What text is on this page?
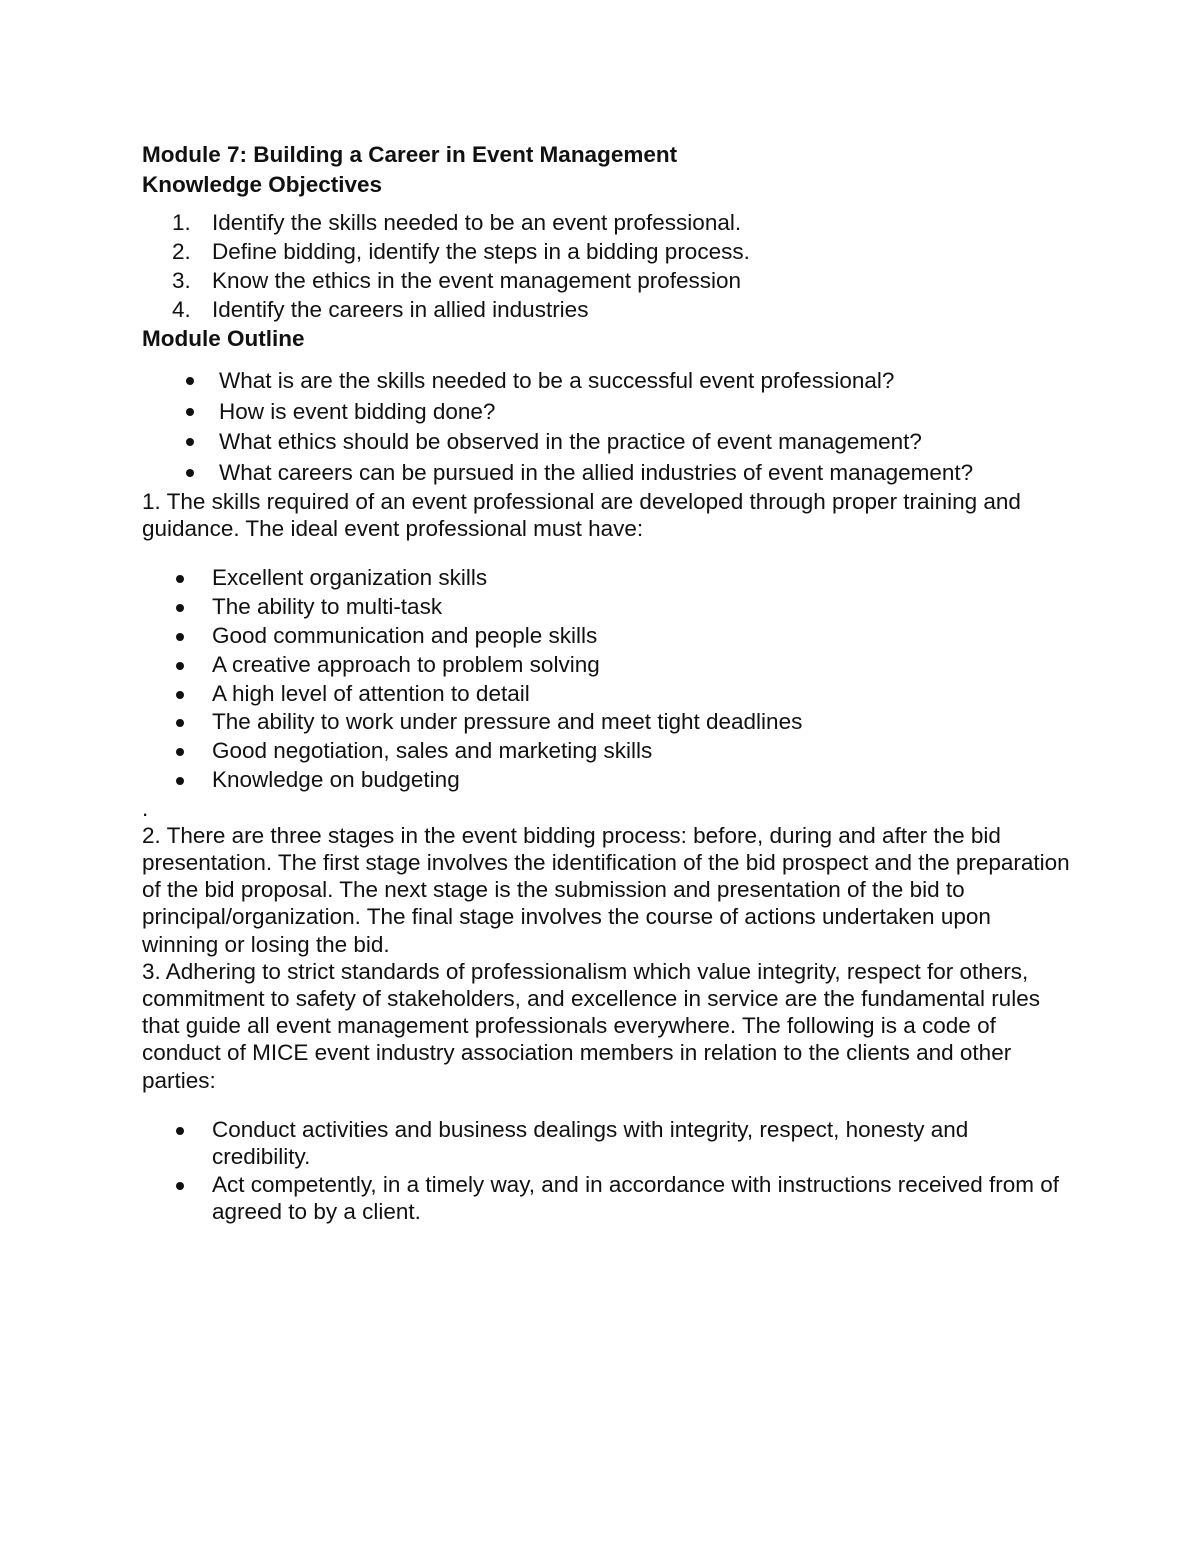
Module 7: Building a Career in Event Management
Knowledge Objectives
1. Identify the skills needed to be an event professional.
2. Define bidding, identify the steps in a bidding process.
3. Know the ethics in the event management profession
4. Identify the careers in allied industries
Module Outline
What is are the skills needed to be a successful event professional?
How is event bidding done?
What ethics should be observed in the practice of event management?
What careers can be pursued in the allied industries of event management?

1. The skills required of an event professional are developed through proper training and guidance. The ideal event professional must have:

Excellent organization skills
The ability to multi-task
Good communication and people skills
A creative approach to problem solving
A high level of attention to detail
The ability to work under pressure and meet tight deadlines
Good negotiation, sales and marketing skills
Knowledge on budgeting

.

2. There are three stages in the event bidding process: before, during and after the bid presentation. The first stage involves the identification of the bid prospect and the preparation of the bid proposal. The next stage is the submission and presentation of the bid to principal/organization. The final stage involves the course of actions undertaken upon winning or losing the bid.

3. Adhering to strict standards of professionalism which value integrity, respect for others, commitment to safety of stakeholders, and excellence in service are the fundamental rules that guide all event management professionals everywhere. The following is a code of conduct of MICE event industry association members in relation to the clients and other parties:

Conduct activities and business dealings with integrity, respect, honesty and credibility.
Act competently, in a timely way, and in accordance with instructions received from of agreed to by a client.
